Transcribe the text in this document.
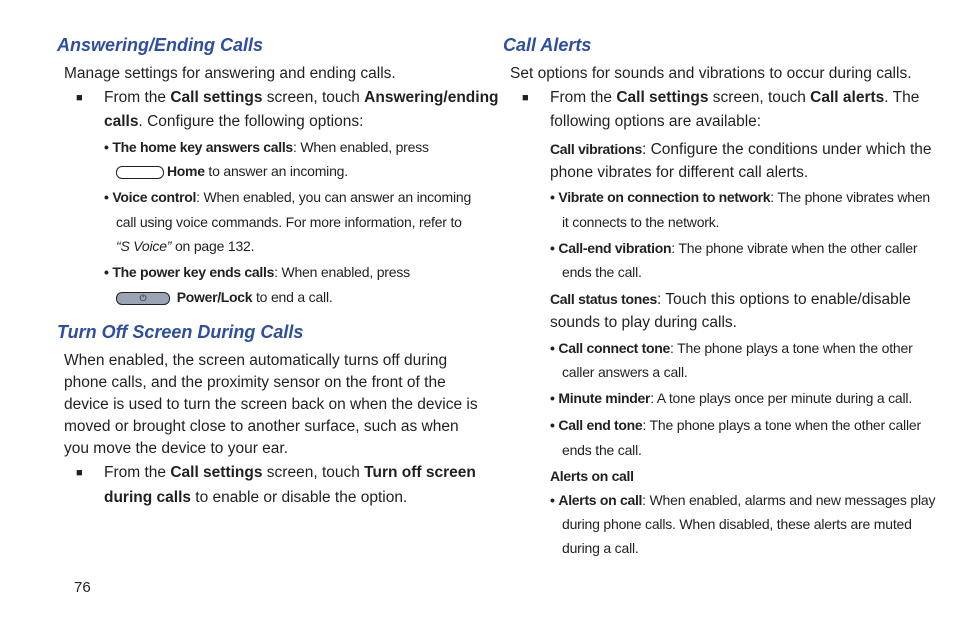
Answering/Ending Calls
Manage settings for answering and ending calls.
■ From the Call settings screen, touch Answering/ending
calls. Configure the following options:
• The home key answers calls: When enabled, press
Home to answer an incoming.
• Voice control: When enabled, you can answer an incoming
call using voice commands. For more information, refer to
“S Voice” on page 132.
• The power key ends calls: When enabled, press
⏻ Power/Lock to end a call.
Turn Off Screen During Calls
When enabled, the screen automatically turns off during
phone calls, and the proximity sensor on the front of the
device is used to turn the screen back on when the device is
moved or brought close to another surface, such as when
you move the device to your ear.
■ From the Call settings screen, touch Turn off screen
during calls to enable or disable the option.
76
Call Alerts
Set options for sounds and vibrations to occur during calls.
■ From the Call settings screen, touch Call alerts. The
following options are available:
Call vibrations: Configure the conditions under which the
phone vibrates for different call alerts.
• Vibrate on connection to network: The phone vibrates when
it connects to the network.
• Call-end vibration: The phone vibrate when the other caller
ends the call.
Call status tones: Touch this options to enable/disable
sounds to play during calls.
• Call connect tone: The phone plays a tone when the other
caller answers a call.
• Minute minder: A tone plays once per minute during a call.
• Call end tone: The phone plays a tone when the other caller
ends the call.
Alerts on call
• Alerts on call: When enabled, alarms and new messages play
during phone calls. When disabled, these alerts are muted
during a call.
